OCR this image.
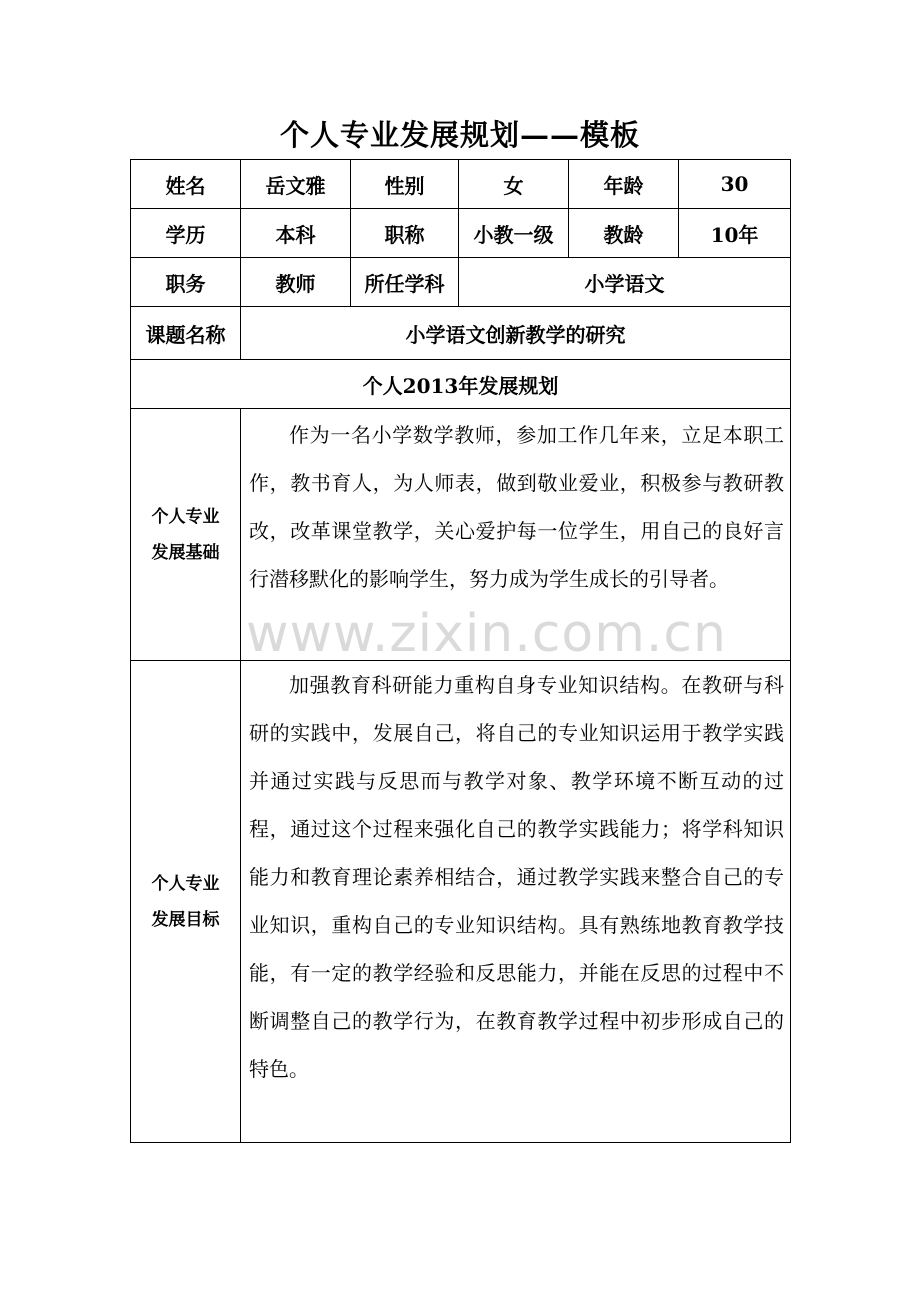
个人专业发展规划——模板
姓名	岳文雅	性别	女	年龄	30
学历	本科	职称	小教一级	教龄	10年
职务	教师	所任学科	小学语文		
课题名称	小学语文创新教学的研究				
个人2013年发展规划					

个人专业
发展基础	作为一名小学数学教师，参加工作几年来，立足本职工作，教书育人，为人师表，做到敬业爱业，积极参与教研教改，改革课堂教学，关心爱护每一位学生，用自己的良好言行潜移默化的影响学生，努力成为学生成长的引导者。				

个人专业
发展目标	加强教育科研能力重构自身专业知识结构。在教研与科研的实践中，发展自己，将自己的专业知识运用于教学实践并通过实践与反思而与教学对象、教学环境不断互动的过程，通过这个过程来强化自己的教学实践能力；将学科知识能力和教育理论素养相结合，通过教学实践来整合自己的专业知识，重构自己的专业知识结构。具有熟练地教育教学技能，有一定的教学经验和反思能力，并能在反思的过程中不断调整自己的教学行为，在教育教学过程中初步形成自己的特色。				

www.zixin.com.cn
